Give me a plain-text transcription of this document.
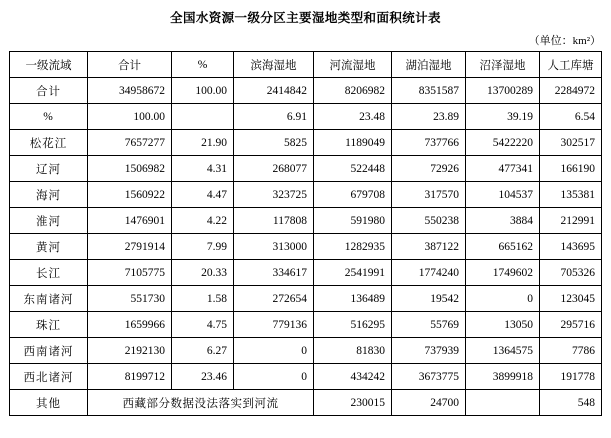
全国水资源一级分区主要湿地类型和面积统计表
（单位：km²）
一级流域	合计	%	滨海湿地	河流湿地	湖泊湿地	沼泽湿地	人工库塘
合计	34958672	100.00	2414842	8206982	8351587	13700289	2284972
%	100.00		6.91	23.48	23.89	39.19	6.54
松花江	7657277	21.90	5825	1189049	737766	5422220	302517
辽河	1506982	4.31	268077	522448	72926	477341	166190
海河	1560922	4.47	323725	679708	317570	104537	135381
淮河	1476901	4.22	117808	591980	550238	3884	212991
黄河	2791914	7.99	313000	1282935	387122	665162	143695
长江	7105775	20.33	334617	2541991	1774240	1749602	705326
东南诸河	551730	1.58	272654	136489	19542	0	123045
珠江	1659966	4.75	779136	516295	55769	13050	295716
西南诸河	2192130	6.27	0	81830	737939	1364575	7786
西北诸河	8199712	23.46	0	434242	3673775	3899918	191778
其他	西藏部分数据没法落实到河流			230015	24700		548
